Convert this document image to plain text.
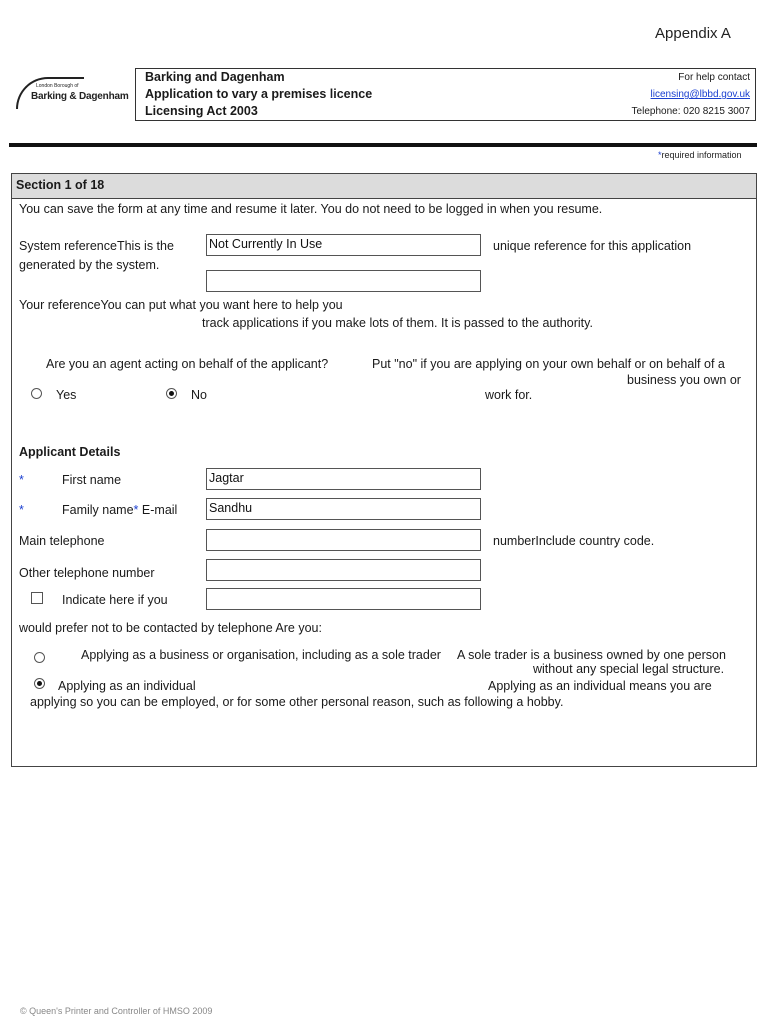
Appendix A
London Borough of
Barking & Dagenham
Barking and Dagenham
Application to vary a premises licence
Licensing Act 2003
For help contact
licensing@lbbd.gov.uk
Telephone: 020 8215 3007
*required information
Section 1 of 18
You can save the form at any time and resume it later. You do not need to be logged in when you resume.
System referenceThis is the
generated by the system.
Not Currently In Use	unique reference for this application
Your referenceYou can put what you want here to help you
track applications if you make lots of them. It is passed to the authority.
Are you an agent acting on behalf of the applicant?	Put "no" if you are applying on your own behalf or on behalf of a
business you own or
Yes	No	work for.
Applicant Details
*	First name	Jagtar
*	Family name* E-mail	Sandhu
Main telephone	numberInclude country code.
Other telephone number
Indicate here if you
would prefer not to be contacted by telephone Are you:
Applying as a business or organisation, including as a sole trader A sole trader is a business owned by one person
without any special legal structure.
Applying as an individual	Applying as an individual means you are
applying so you can be employed, or for some other personal reason, such as following a hobby.
© Queen's Printer and Controller of HMSO 2009
